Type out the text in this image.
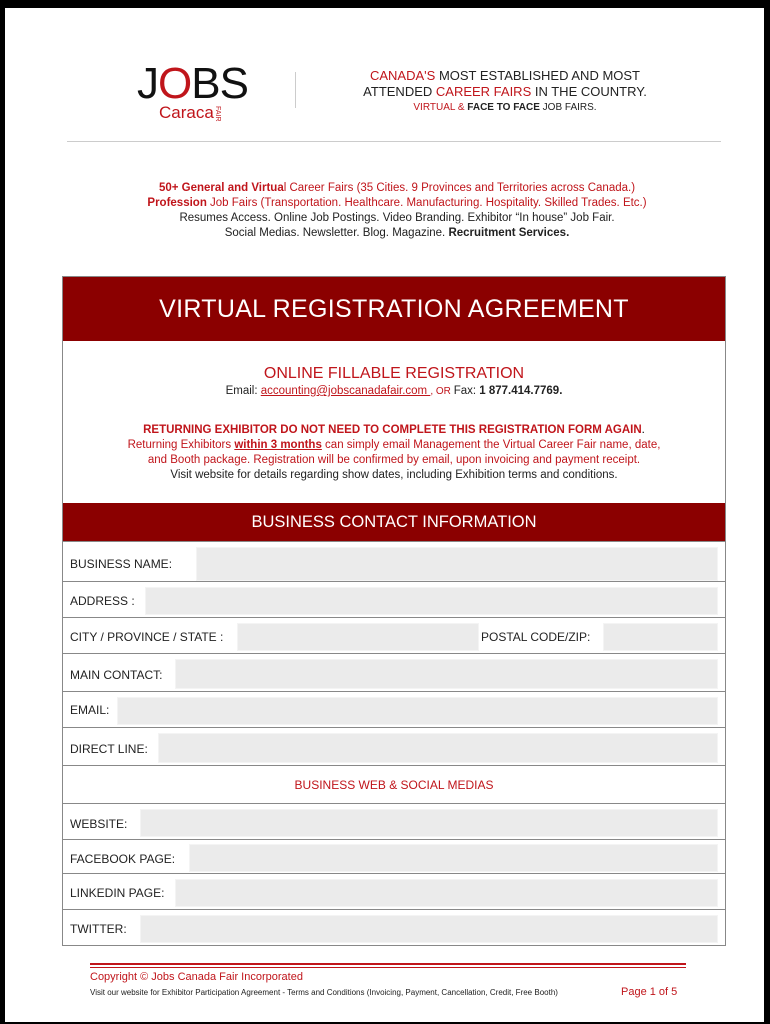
JOBS
Caraca FAIR
CANADA'S MOST ESTABLISHED AND MOST
ATTENDED CAREER FAIRS IN THE COUNTRY.
VIRTUAL & FACE TO FACE JOB FAIRS.
50+ General and Virtual Career Fairs (35 Cities. 9 Provinces and Territories across Canada.)
Profession Job Fairs (Transportation. Healthcare. Manufacturing. Hospitality. Skilled Trades. Etc.)
Resumes Access. Online Job Postings. Video Branding. Exhibitor “In house” Job Fair.
Social Medias. Newsletter. Blog. Magazine. Recruitment Services.
VIRTUAL REGISTRATION AGREEMENT
ONLINE FILLABLE REGISTRATION
Email: accounting@jobscanadafair.com , OR Fax: 1 877.414.7769.
RETURNING EXHIBITOR DO NOT NEED TO COMPLETE THIS REGISTRATION FORM AGAIN.
Returning Exhibitors within 3 months can simply email Management the Virtual Career Fair name, date,
and Booth package. Registration will be confirmed by email, upon invoicing and payment receipt.
Visit website for details regarding show dates, including Exhibition terms and conditions.
BUSINESS CONTACT INFORMATION
BUSINESS NAME:
ADDRESS :
CITY / PROVINCE / STATE :	POSTAL CODE/ZIP:
MAIN CONTACT:
EMAIL:
DIRECT LINE:
BUSINESS WEB & SOCIAL MEDIAS
WEBSITE:
FACEBOOK PAGE:
LINKEDIN PAGE:
TWITTER:
Copyright © Jobs Canada Fair Incorporated
Visit our website for Exhibitor Participation Agreement - Terms and Conditions (Invoicing, Payment, Cancellation, Credit, Free Booth)	Page 1 of 5
